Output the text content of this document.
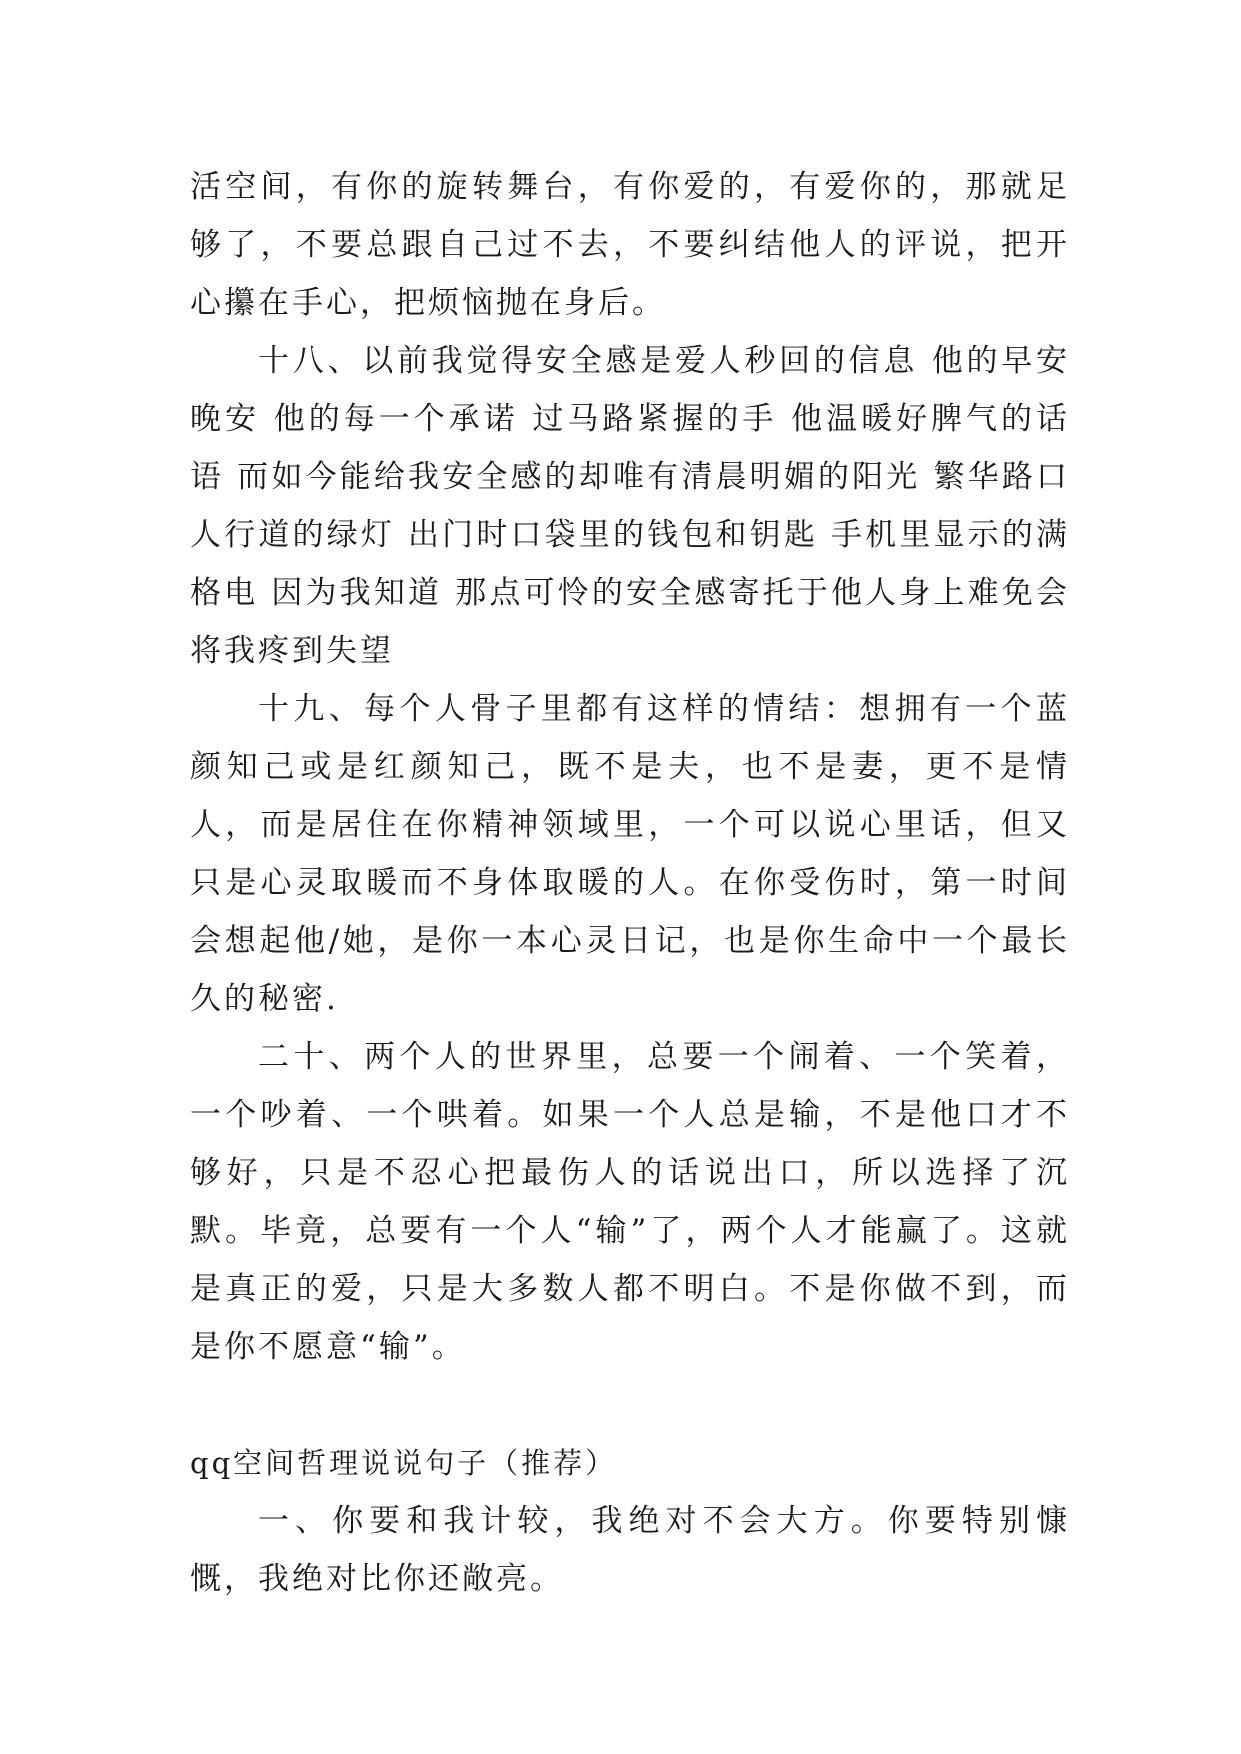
活空间，有你的旋转舞台，有你爱的，有爱你的，那就足够了，不要总跟自己过不去，不要纠结他人的评说，把开心攥在手心，把烦恼抛在身后。

十八、以前我觉得安全感是爱人秒回的信息 他的早安晚安 他的每一个承诺 过马路紧握的手 他温暖好脾气的话语 而如今能给我安全感的却唯有清晨明媚的阳光 繁华路口人行道的绿灯 出门时口袋里的钱包和钥匙 手机里显示的满格电 因为我知道 那点可怜的安全感寄托于他人身上难免会将我疼到失望

十九、每个人骨子里都有这样的情结：想拥有一个蓝颜知己或是红颜知己，既不是夫，也不是妻，更不是情人，而是居住在你精神领域里，一个可以说心里话，但又只是心灵取暖而不身体取暖的人。在你受伤时，第一时间会想起他/她，是你一本心灵日记，也是你生命中一个最长久的秘密.

二十、两个人的世界里，总要一个闹着、一个笑着，一个吵着、一个哄着。如果一个人总是输，不是他口才不够好，只是不忍心把最伤人的话说出口，所以选择了沉默。毕竟，总要有一个人“输”了，两个人才能赢了。这就是真正的爱，只是大多数人都不明白。不是你做不到，而是你不愿意“输”。

qq空间哲理说说句子（推荐）

一、你要和我计较，我绝对不会大方。你要特别慷慨，我绝对比你还敞亮。
